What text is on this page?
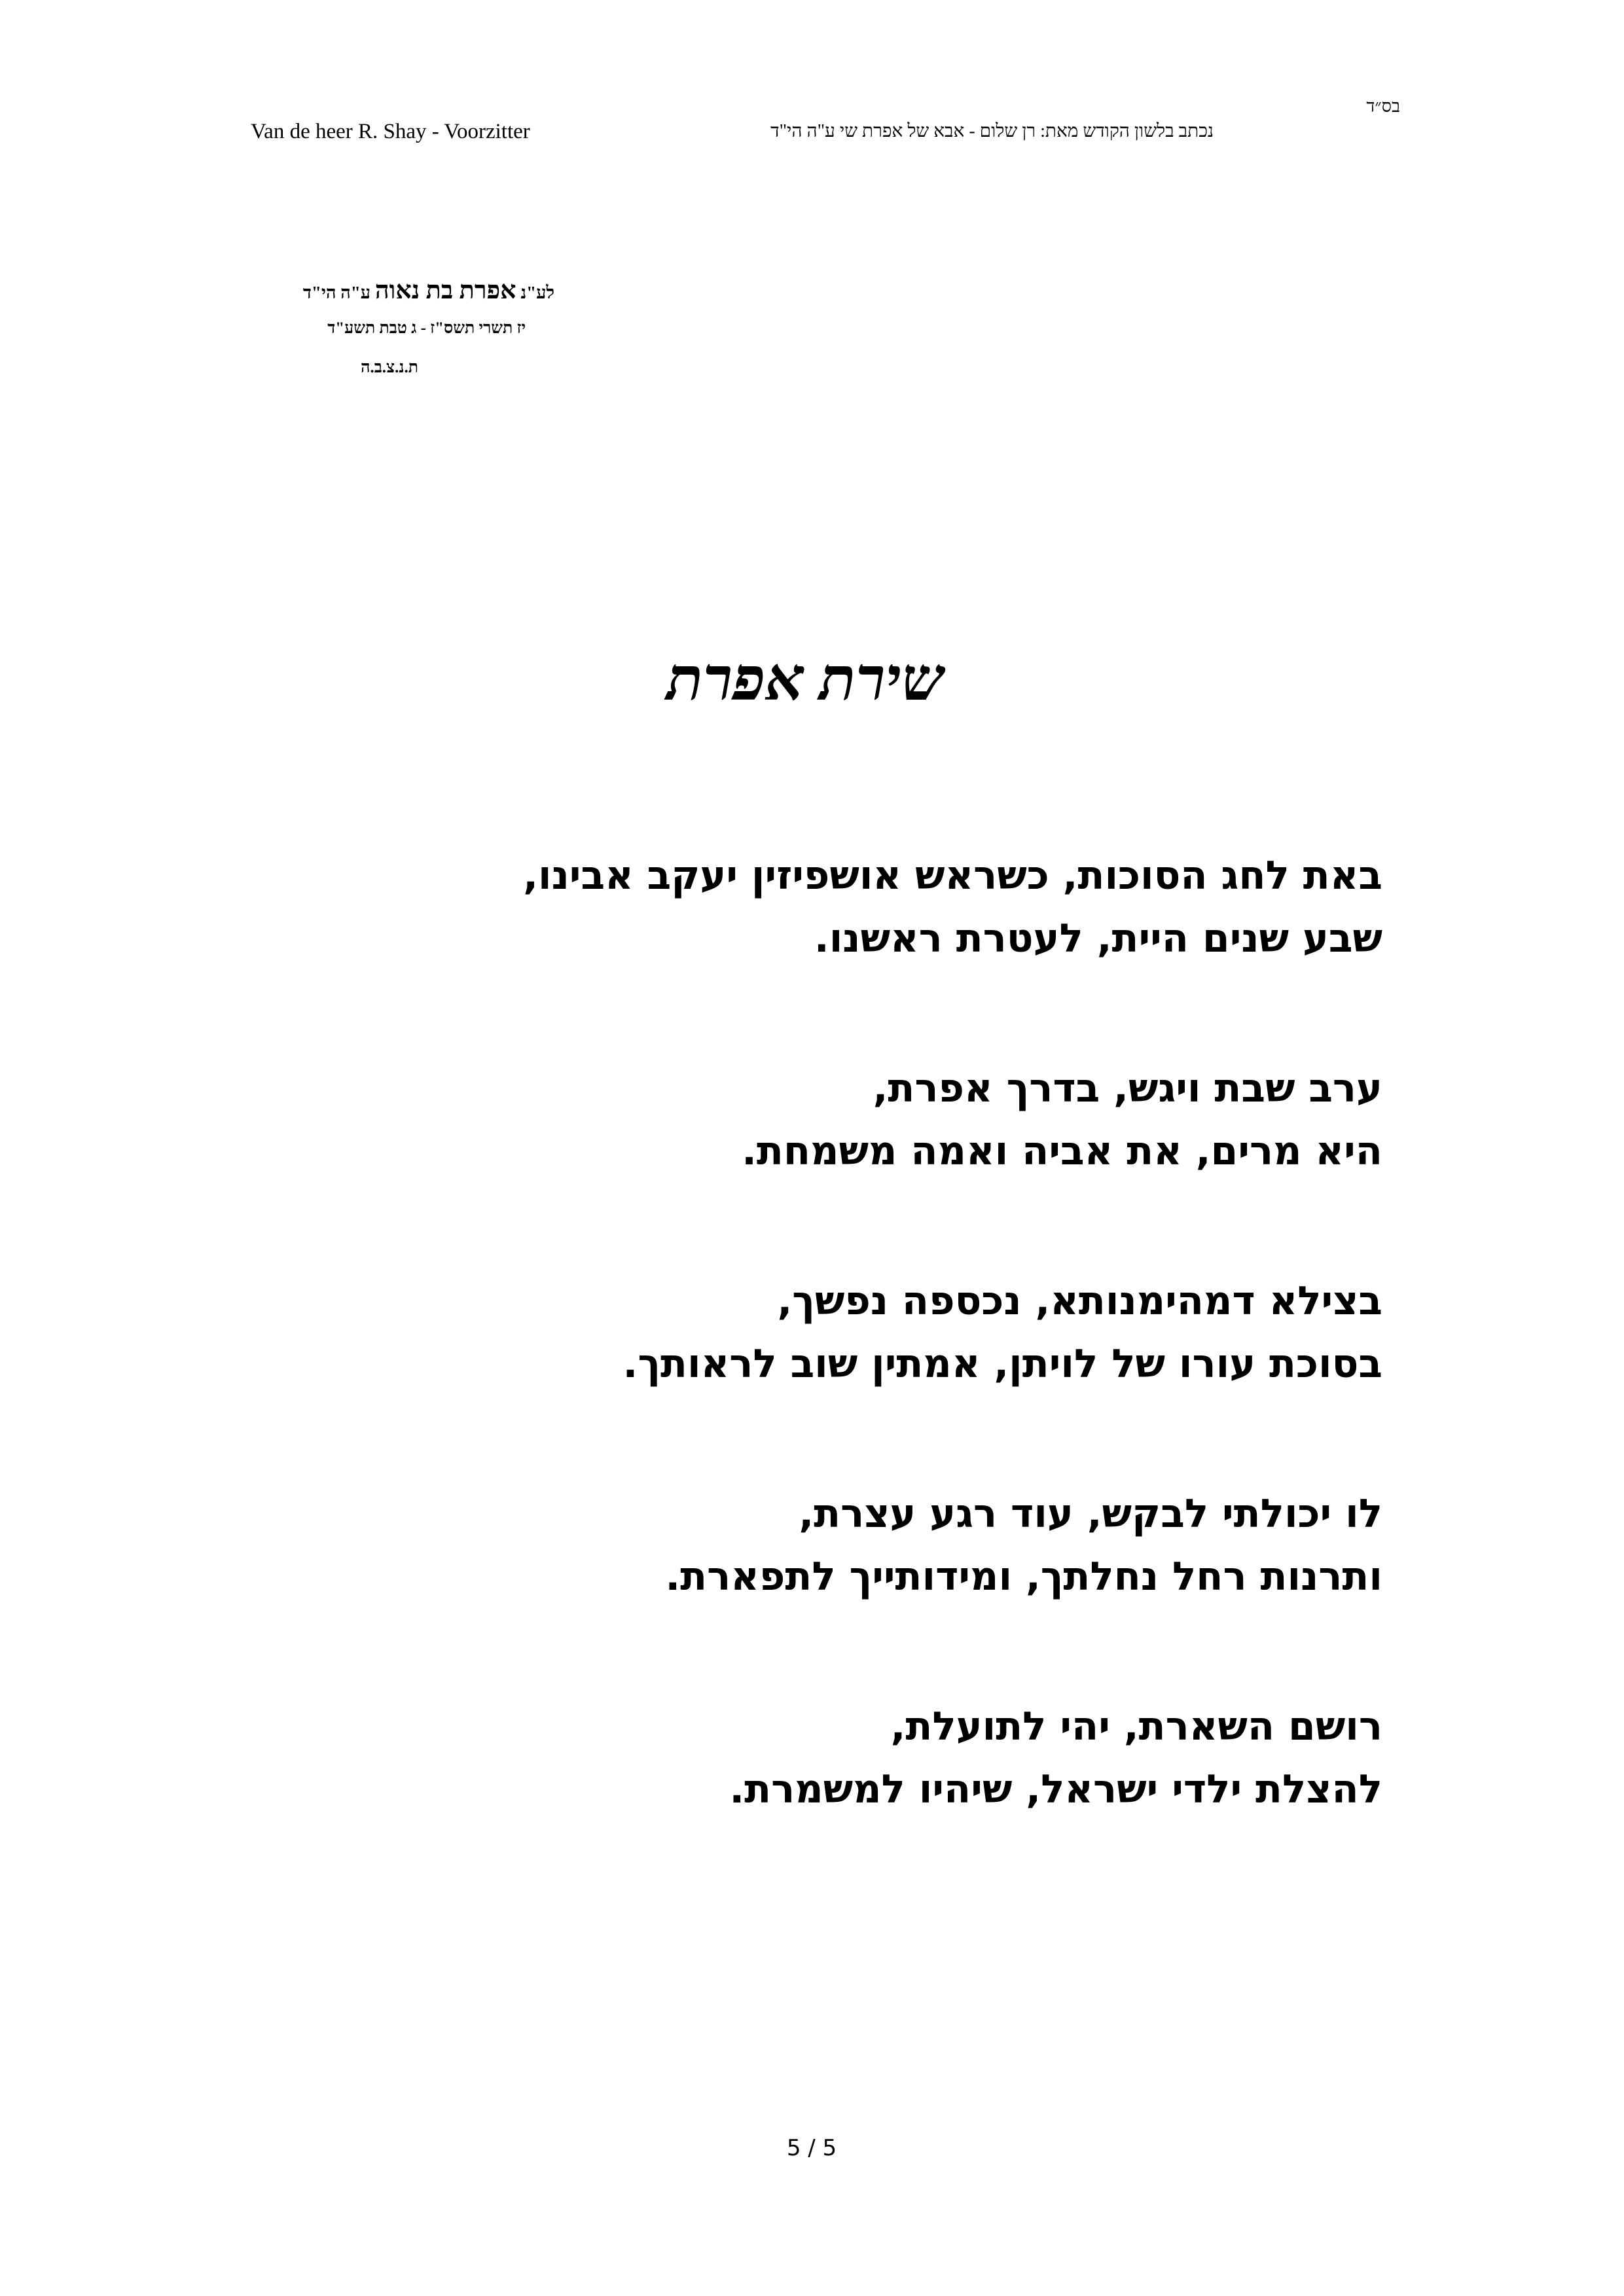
בס״ד
Van de heer R. Shay - Voorzitter	נכתב בלשון הקודש מאת: רן שלום - אבא של אפרת שי ע"ה הי"ד
לע"נ אפרת בת נאוה ע"ה הי"ד
יז תשרי תשס"ז - ג טבת תשע"ד
ת.נ.צ.ב.ה
שירת אפרת
באת לחג הסוכות, כשראש אושפיזין יעקב אבינו,
שבע שנים היית, לעטרת ראשנו.
ערב שבת ויגש, בדרך אפרת,
היא מרים, את אביה ואמה משמחת.
בצילא דמהימנותא, נכספה נפשך,
בסוכת עורו של לויתן, אמתין שוב לראותך.
לו יכולתי לבקש, עוד רגע עצרת,
ותרנות רחל נחלתך, ומידותייך לתפארת.
רושם השארת, יהי לתועלת,
להצלת ילדי ישראל, שיהיו למשמרת.
5 / 5
